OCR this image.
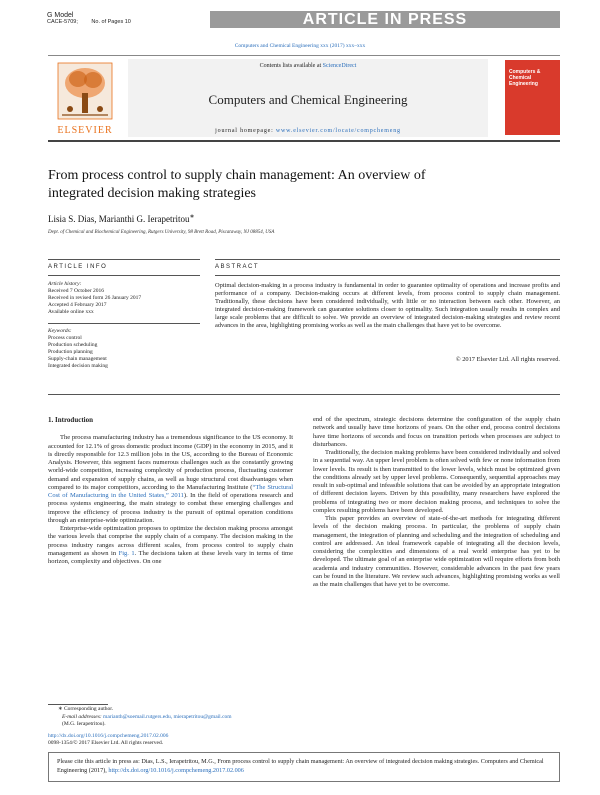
G Model
CACE-5709; No. of Pages 10	ARTICLE IN PRESS
Computers and Chemical Engineering xxx (2017) xxx–xxx
ELSEVIER
Contents lists available at ScienceDirect
Computers and Chemical Engineering
journal homepage: www.elsevier.com/locate/compchemeng
Computers & Chemical Engineering
From process control to supply chain management: An overview of integrated decision making strategies
Lisia S. Dias, Marianthi G. Ierapetritou∗
Dept. of Chemical and Biochemical Engineering, Rutgers University, 98 Brett Road, Piscataway, NJ 08854, USA
ARTICLE INFO	ABSTRACT
Article history:
Received 7 October 2016
Received in revised form 26 January 2017
Accepted 4 February 2017
Available online xxx
Keywords:
Process control
Production scheduling
Production planning
Supply-chain management
Integrated decision making
Optimal decision-making in a process industry is fundamental in order to guarantee optimality of operations and increase profits and performance of a company. Decision-making occurs at different levels, from process control to supply chain management. Traditionally, these decisions have been considered individually, with little or no interaction between each other. However, an integrated decision-making framework can guarantee solutions closer to optimality. Such integration usually results in complex and large scale problems that are difficult to solve. We provide an overview of integrated decision-making strategies and review recent advances in the area, highlighting promising works as well as the main challenges that have yet to be overcome.
© 2017 Elsevier Ltd. All rights reserved.
1. Introduction

The process manufacturing industry has a tremendous significance to the US economy. It accounted for 12.1% of gross domestic product income (GDP) in the economy in 2015, and it is directly responsible for 12.3 million jobs in the US, according to the Bureau of Economic Analysis. However, this segment faces numerous challenges such as the constantly growing world-wide competition, increasing complexity of production process, fluctuating customer demand and expansion of supply chains, as well as huge structural cost disadvantages when compared to its major competitors, according to the Manufacturing Institute (“The Structural Cost of Manufacturing in the United States,” 2011). In the field of operations research and process systems engineering, the main strategy to combat these emerging challenges and improve the efficiency of process industry is the pursuit of optimal operation conditions through an enterprise-wide optimization.

Enterprise-wide optimization proposes to optimize the decision making process amongst the various levels that comprise the supply chain of a company. The decision making in the process industry ranges across different scales, from process control to supply chain management as shown in Fig. 1. The decisions taken at these levels vary in terms of time horizon, complexity and objectives. On one

end of the spectrum, strategic decisions determine the configuration of the supply chain network and usually have time horizons of years. On the other end, process control decisions have time horizons of seconds and focus on transition periods when processes are subject to disturbances.

Traditionally, the decision making problems have been considered individually and solved in a sequential way. An upper level problem is often solved with few or none information from lower levels. Its result is then transmitted to the lower levels, which must be optimized given the conditions already set by upper level problems. Consequently, sequential approaches may result in sub-optimal and infeasible solutions that can be avoided by an appropriate integration of different decision layers. Driven by this possibility, many researchers have explored the problems of integrating two or more decision making process, and techniques to solve the complex resulting problems have been developed.

This paper provides an overview of state-of-the-art methods for integrating different levels of the decision making process. In particular, the problems of supply chain management, the integration of planning and scheduling and the integration of scheduling and control are addressed. An ideal framework capable of integrating all the decision levels, considering the complexities and dimensions of a real world enterprise has yet to be developed. The ultimate goal of an enterprise wide optimization will require efforts from both academia and industry communities. However, considerable advances in the past few years can be found in the literature. We review such advances, highlighting promising works as well as the main challenges that have yet to be overcome.

∗ Corresponding author.
E-mail addresses: marianth@soemail.rutgers.edu, mierapetritou@gmail.com
(M.G. Ierapetritou).
http://dx.doi.org/10.1016/j.compchemeng.2017.02.006
0098-1354/© 2017 Elsevier Ltd. All rights reserved.
Please cite this article in press as: Dias, L.S., Ierapetritou, M.G., From process control to supply chain management: An overview of integrated decision making strategies. Computers and Chemical Engineering (2017), http://dx.doi.org/10.1016/j.compchemeng.2017.02.006
